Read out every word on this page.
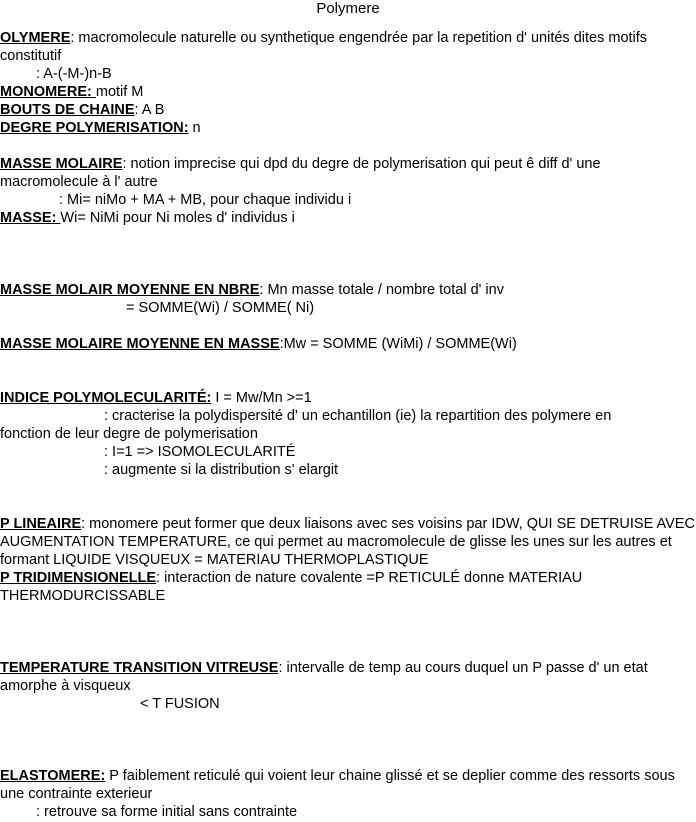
Polymere

OLYMERE: macromolecule naturelle ou synthetique engendrée par la repetition d' unités dites motifs constitutif

: A-(-M-)n-B

MONOMERE: motif M

BOUTS DE CHAINE: A B

DEGRE POLYMERISATION: n

MASSE MOLAIRE: notion imprecise qui dpd du degre de polymerisation qui peut ê diff d' une macromolecule à l' autre

: Mi= niMo + MA + MB, pour chaque individu i

MASSE: Wi= NiMi pour Ni moles d' individus i

MASSE MOLAIR MOYENNE EN NBRE: Mn masse totale / nombre total d' inv

= SOMME(Wi) / SOMME( Ni)

MASSE MOLAIRE MOYENNE EN MASSE:Mw = SOMME (WiMi) / SOMME(Wi)

INDICE POLYMOLECULARITÉ: I = Mw/Mn >=1

: cracterise la polydispersité d' un echantillon (ie) la repartition des polymere en

fonction de leur degre de polymerisation

: I=1 => ISOMOLECULARITÉ

: augmente si la distribution s' elargit

P LINEAIRE: monomere peut former que deux liaisons avec ses voisins par IDW, QUI SE DETRUISE AVEC AUGMENTATION TEMPERATURE, ce qui permet au macromolecule de glisse les unes sur les autres et formant LIQUIDE VISQUEUX = MATERIAU THERMOPLASTIQUE

P TRIDIMENSIONELLE: interaction de nature covalente =P RETICULÉ donne MATERIAU THERMODURCISSABLE

TEMPERATURE TRANSITION VITREUSE: intervalle de temp au cours duquel un P passe d' un etat amorphe à visqueux

< T FUSION

ELASTOMERE: P faiblement reticulé qui voient leur chaine glissé et se deplier comme des ressorts sous une contrainte exterieur

: retrouve sa forme initial sans contrainte
